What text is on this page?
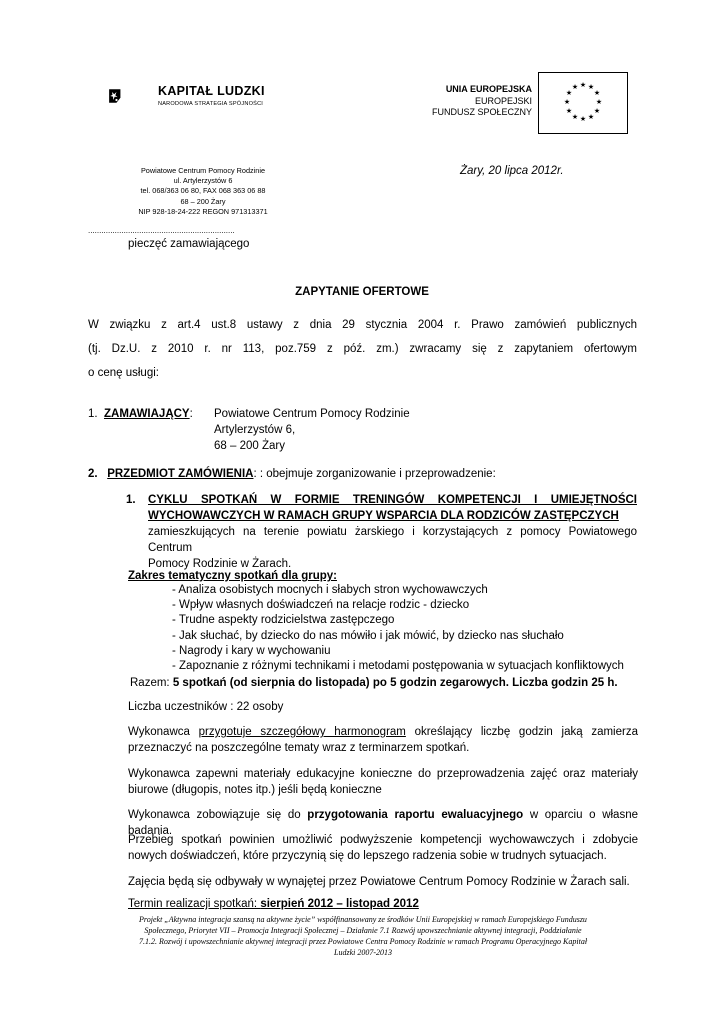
KAPITAŁ LUDZKI
NARODOWA STRATEGIA SPÓJNOŚCI
UNIA EUROPEJSKA
EUROPEJSKI
FUNDUSZ SPOŁECZNY
★ ★
★
★
★
★
★
★
★
★
★
★
Powiatowe Centrum Pomocy Rodzinie
ul. Artylerzystów 6
tel. 068/363 06 80, FAX 068 363 06 88
68 – 200 Żary
NIP 928-18-24-222 REGON 971313371
Żary, 20 lipca 2012r.
..................................................................
pieczęć zamawiającego
ZAPYTANIE OFERTOWE
W związku z art.4 ust.8 ustawy z dnia 29 stycznia 2004 r. Prawo zamówień publicznych
(tj. Dz.U. z 2010 r. nr 113, poz.759 z póź. zm.) zwracamy się z zapytaniem ofertowym
o cenę usługi:
1. ZAMAWIAJĄCY: Powiatowe Centrum Pomocy Rodzinie
Artylerzystów 6,
68 – 200 Żary
2. PRZEDMIOT ZAMÓWIENIA: : obejmuje zorganizowanie i przeprowadzenie:
1. CYKLU SPOTKAŃ W FORMIE TRENINGÓW KOMPETENCJI I UMIEJĘTNOŚCI
WYCHOWAWCZYCH W RAMACH GRUPY WSPARCIA DLA RODZICÓW ZASTĘPCZYCH
zamieszkujących na terenie powiatu żarskiego i korzystających z pomocy Powiatowego Centrum
Pomocy Rodzinie w Żarach.
Zakres tematyczny spotkań dla grupy:
- Analiza osobistych mocnych i słabych stron wychowawczych
- Wpływ własnych doświadczeń na relacje rodzic - dziecko
- Trudne aspekty rodzicielstwa zastępczego
- Jak słuchać, by dziecko do nas mówiło i jak mówić, by dziecko nas słuchało
- Nagrody i kary w wychowaniu
- Zapoznanie z różnymi technikami i metodami postępowania w sytuacjach konfliktowych
Razem: 5 spotkań (od sierpnia do listopada) po 5 godzin zegarowych. Liczba godzin 25 h.
Liczba uczestników : 22 osoby
Wykonawca przygotuje szczegółowy harmonogram określający liczbę godzin jaką zamierza przeznaczyć na poszczególne tematy wraz z terminarzem spotkań.
Wykonawca zapewni materiały edukacyjne konieczne do przeprowadzenia zajęć oraz materiały biurowe (długopis, notes itp.) jeśli będą konieczne
Wykonawca zobowiązuje się do przygotowania raportu ewaluacyjnego w oparciu o własne badania.
Przebieg spotkań powinien umożliwić podwyższenie kompetencji wychowawczych i zdobycie nowych doświadczeń, które przyczynią się do lepszego radzenia sobie w trudnych sytuacjach.
Zajęcia będą się odbywały w wynajętej przez Powiatowe Centrum Pomocy Rodzinie w Żarach sali.
Termin realizacji spotkań: sierpień 2012 – listopad 2012
Projekt „Aktywna integracja szansą na aktywne życie” współfinansowany ze środków Unii Europejskiej w ramach Europejskiego Funduszu
Społecznego, Priorytet VII – Promocja Integracji Społecznej – Działanie 7.1 Rozwój upowszechnianie aktywnej integracji, Poddziałanie
7.1.2. Rozwój i upowszechnianie aktywnej integracji przez Powiatowe Centra Pomocy Rodzinie w ramach Programu Operacyjnego Kapitał
Ludzki 2007-2013
